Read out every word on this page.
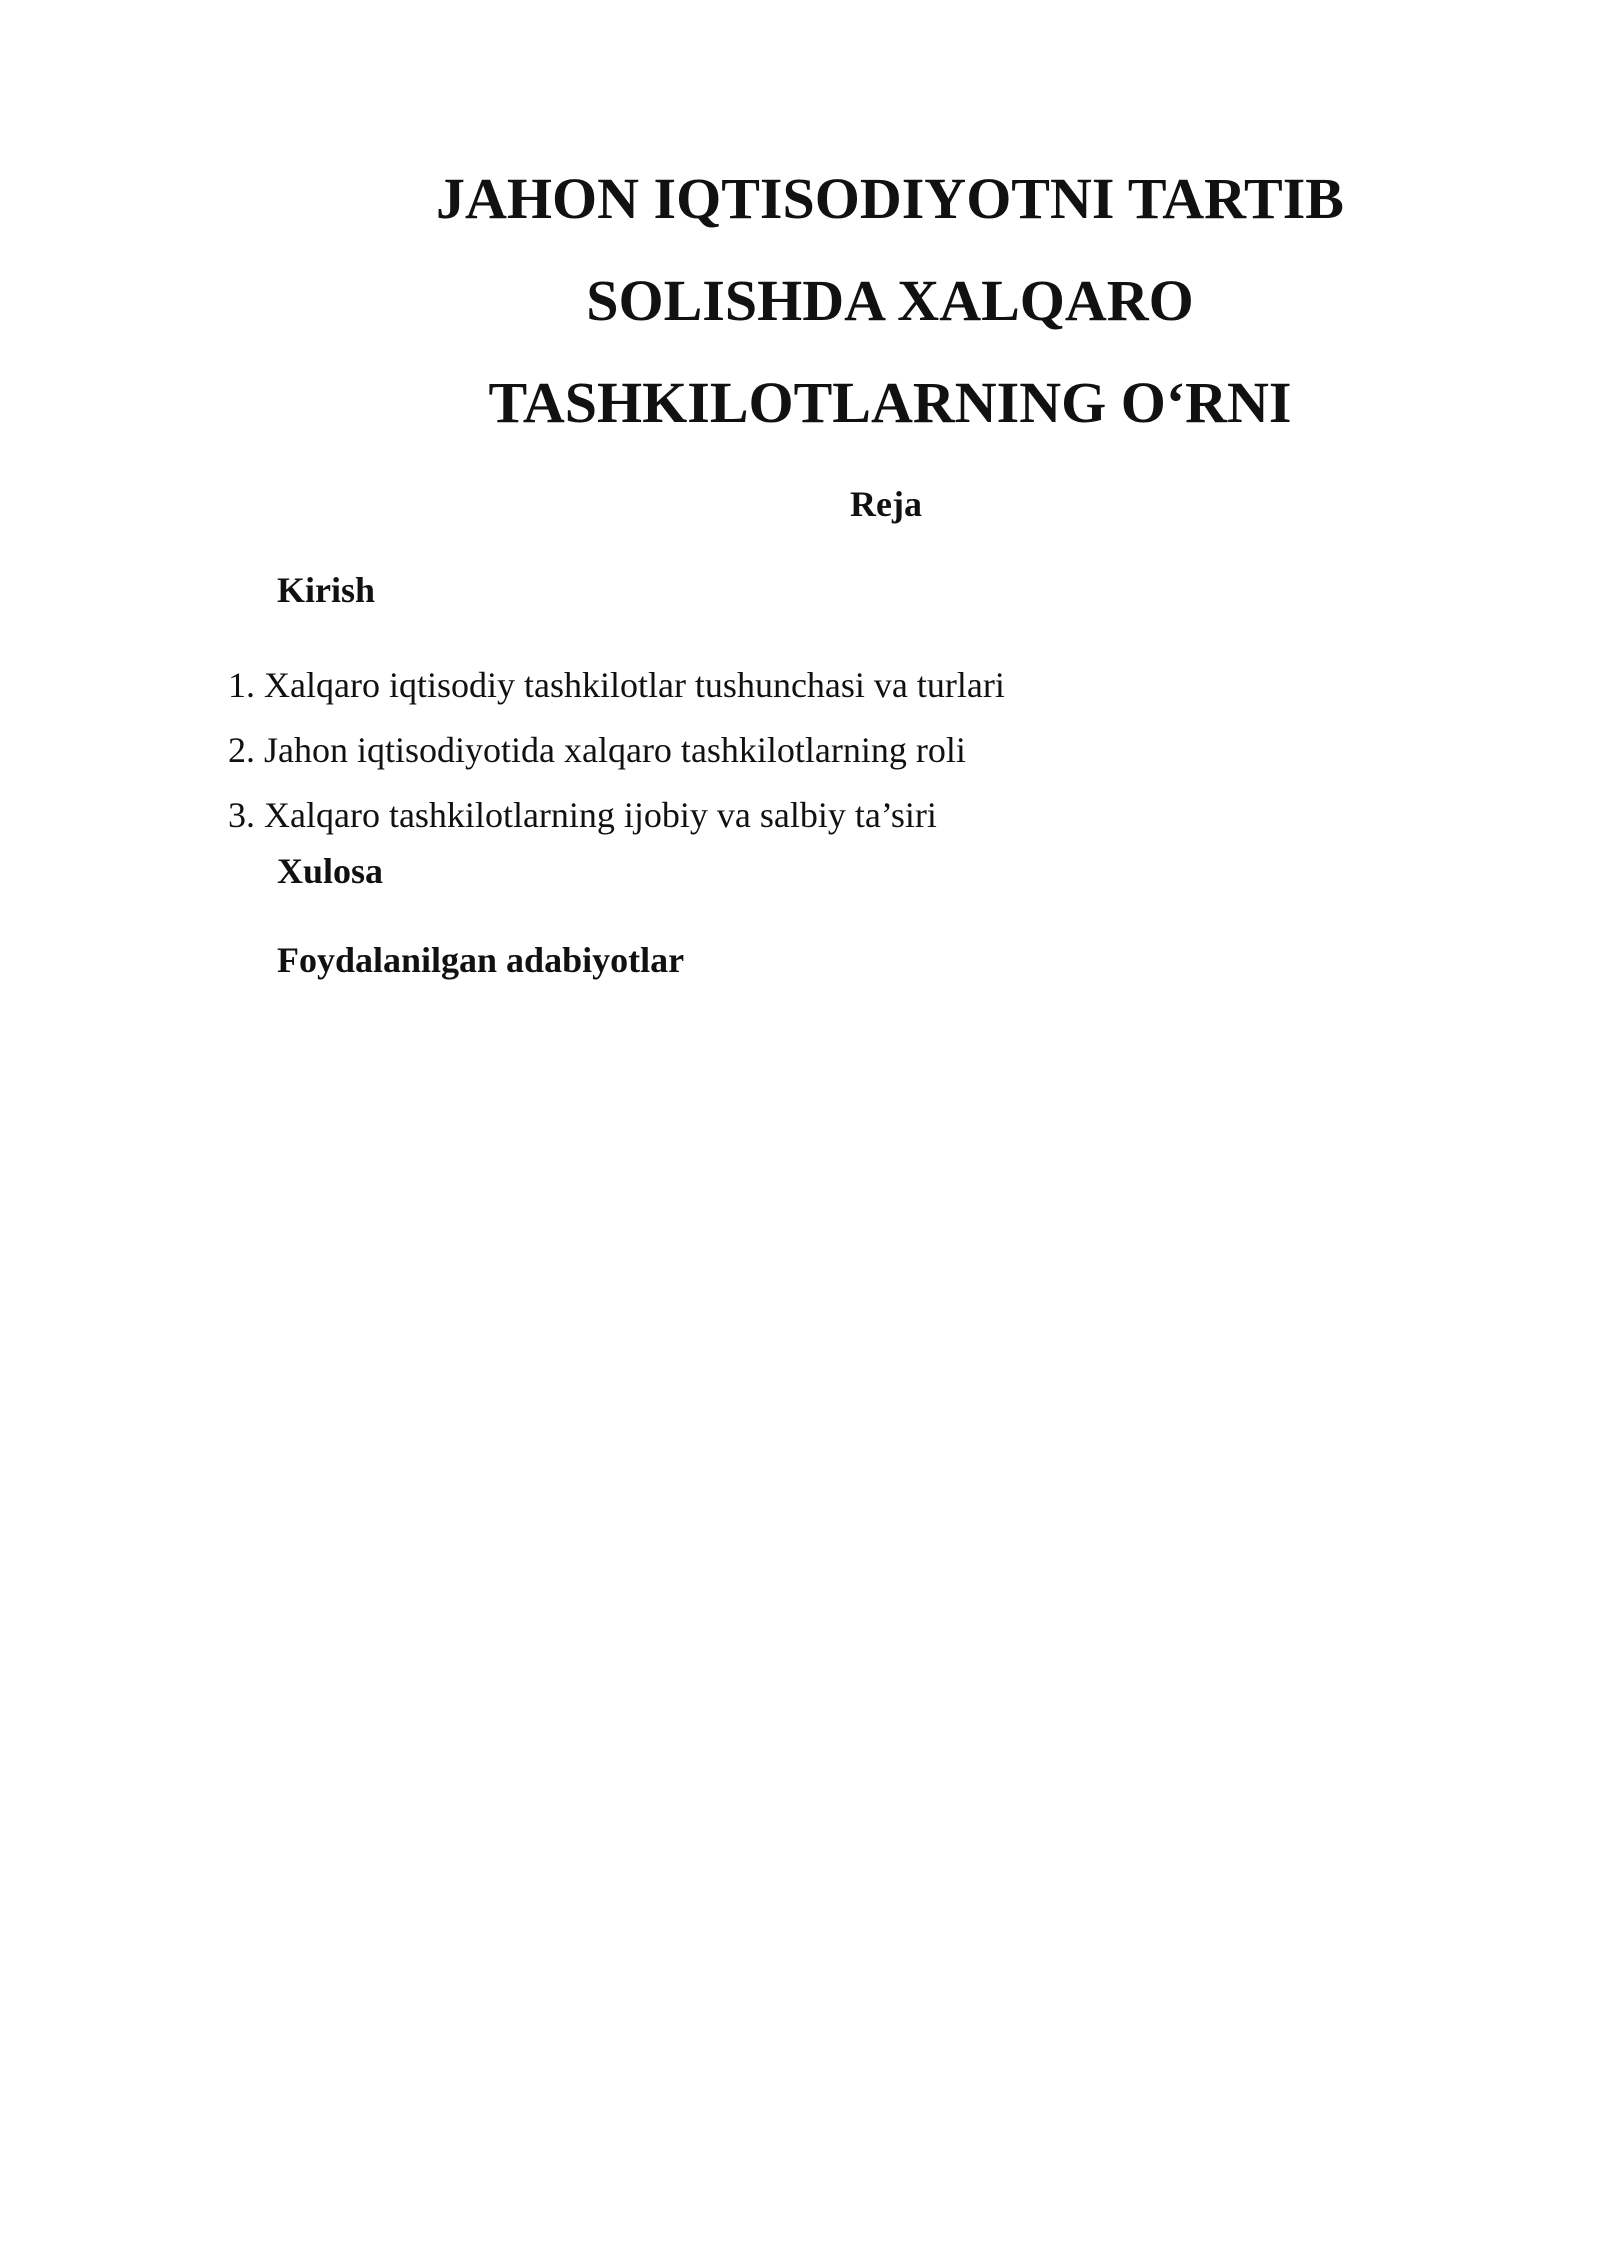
JAHON IQTISODIYOTNI TARTIB

SOLISHDA XALQARO

TASHKILOTLARNING O‘RNI

Reja
Kirish
1. Xalqaro iqtisodiy tashkilotlar tushunchasi va turlari
2. Jahon iqtisodiyotida xalqaro tashkilotlarning roli
3. Xalqaro tashkilotlarning ijobiy va salbiy ta’siri
Xulosa
Foydalanilgan adabiyotlar
